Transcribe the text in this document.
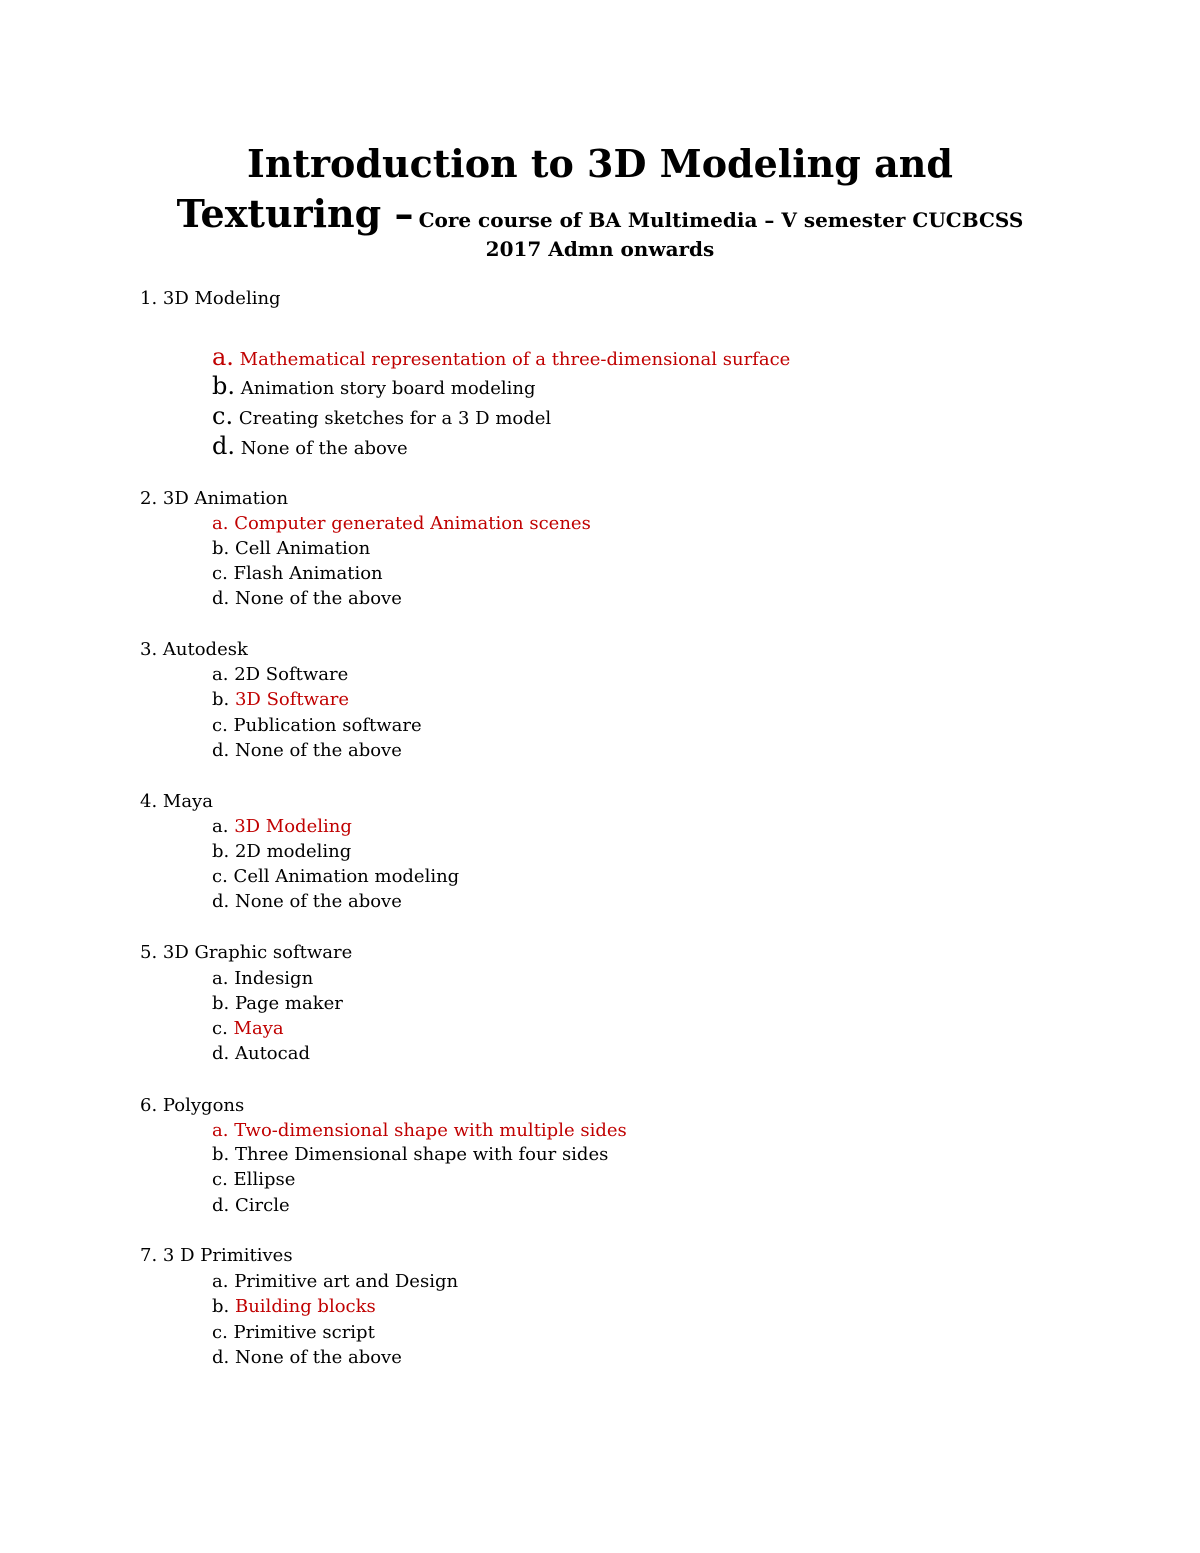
Introduction to 3D Modeling and
Texturing – Core course of BA Multimedia – V semester CUCBCSS
2017 Admn onwards
1. 3D Modeling
a. Mathematical representation of a three-dimensional surface
b. Animation story board modeling
c. Creating sketches for a 3 D model
d. None of the above
2. 3D Animation
a. Computer generated Animation scenes
b. Cell Animation
c. Flash Animation
d. None of the above
3. Autodesk
a. 2D Software
b. 3D Software
c. Publication software
d. None of the above
4. Maya
a. 3D Modeling
b. 2D modeling
c. Cell Animation modeling
d. None of the above
5. 3D Graphic software
a. Indesign
b. Page maker
c. Maya
d. Autocad
6. Polygons
a. Two-dimensional shape with multiple sides
b. Three Dimensional shape with four sides
c. Ellipse
d. Circle
7. 3 D Primitives
a. Primitive art and Design
b. Building blocks
c. Primitive script
d. None of the above
